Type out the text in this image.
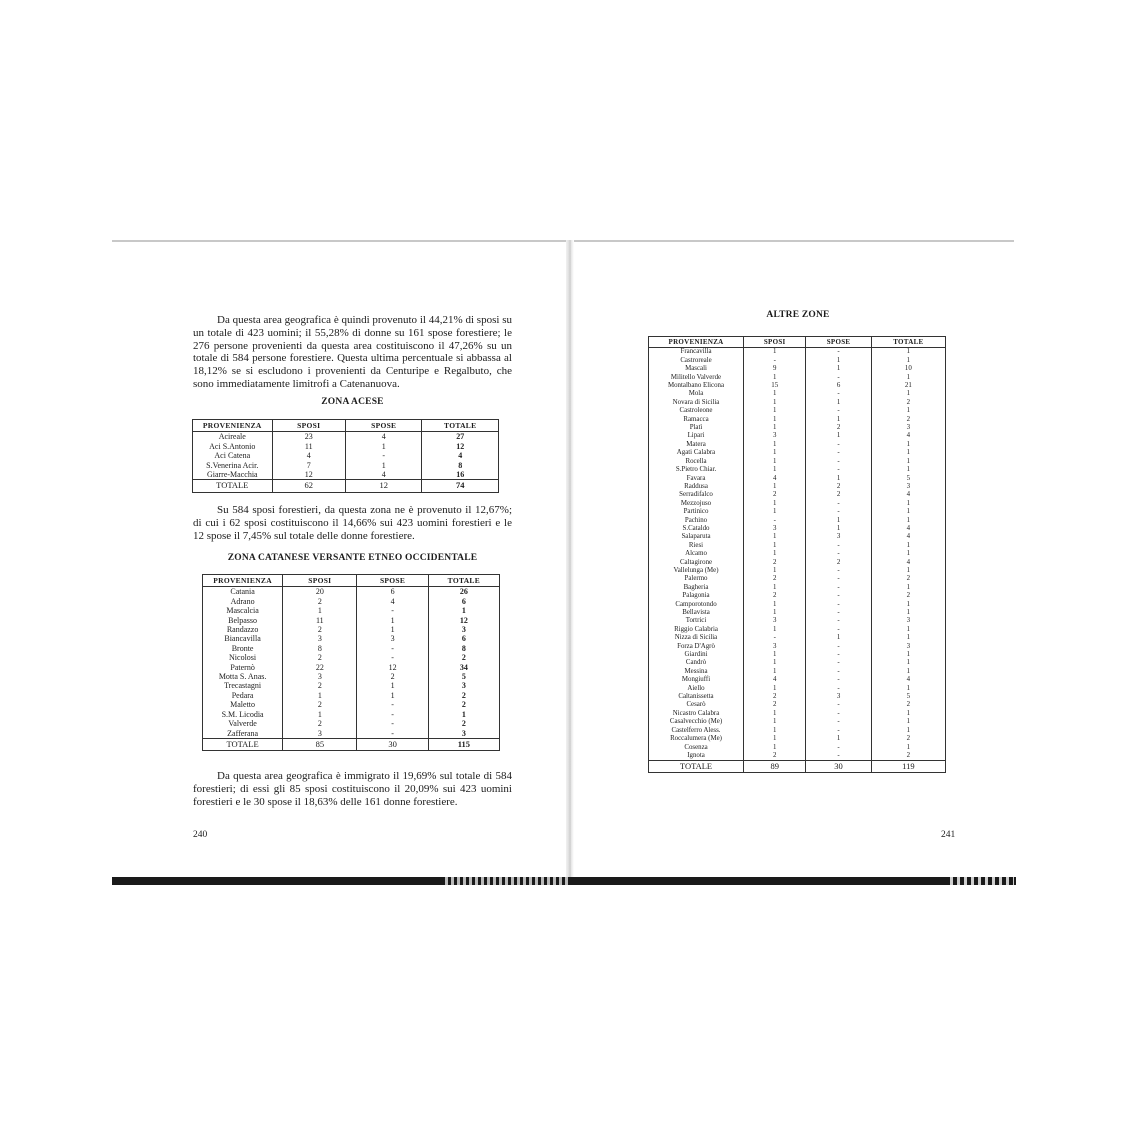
Da questa area geografica è quindi provenuto il 44,21% di sposi su un totale di 423 uomini; il 55,28% di donne su 161 spose forestiere; le 276 persone provenienti da questa area costituiscono il 47,26% su un totale di 584 persone forestiere. Questa ultima percentuale si abbassa al 18,12% se si escludono i provenienti da Centuripe e Regalbuto, che sono immediatamente limitrofi a Catenanuova.

ZONA ACESE

PROVENIENZA	SPOSI	SPOSE	TOTALE
Acireale	23	4	27
Aci S.Antonio	11	1	12
Aci Catena	4	-	4
S.Venerina Acir.	7	1	8
Giarre-Macchia	12	4	16
TOTALE	62	12	74

Su 584 sposi forestieri, da questa zona ne è provenuto il 12,67%; di cui i 62 sposi costituiscono il 14,66% sui 423 uomini forestieri e le 12 spose il 7,45% sul totale delle donne forestiere.

ZONA CATANESE VERSANTE ETNEO OCCIDENTALE

PROVENIENZA	SPOSI	SPOSE	TOTALE
Catania	20	6	26
Adrano	2	4	6
Mascalcia	1	-	1
Belpasso	11	1	12
Randazzo	2	1	3
Biancavilla	3	3	6
Bronte	8	-	8
Nicolosi	2	-	2
Paternò	22	12	34
Motta S. Anas.	3	2	5
Trecastagni	2	1	3
Pedara	1	1	2
Maletto	2	-	2
S.M. Licodia	1	-	1
Valverde	2	-	2
Zafferana	3	-	3
TOTALE	85	30	115

Da questa area geografica è immigrato il 19,69% sul totale di 584 forestieri; di essi gli 85 sposi costituiscono il 20,09% sui 423 uomini forestieri e le 30 spose il 18,63% delle 161 donne forestiere.

240

ALTRE ZONE

PROVENIENZA	SPOSI	SPOSE	TOTALE
Francavilla	1	-	1
Castroreale	-	1	1
Mascali	9	1	10
Militello Valverde	1	-	1
Montalbano Elicona	15	6	21
Mola	1	-	1
Novara di Sicilia	1	1	2
Castroleone	1	-	1
Ramacca	1	1	2
Platì	1	2	3
Lipari	3	1	4
Matera	1	-	1
Agati Calabra	1	-	1
Rocella	1	-	1
S.Pietro Chiar.	1	-	1
Favara	4	1	5
Raddusa	1	2	3
Serradifalco	2	2	4
Mezzojuso	1	-	1
Partinico	1	-	1
Pachino	-	1	1
S.Cataldo	3	1	4
Salaparuta	1	3	4
Riesi	1	-	1
Alcamo	1	-	1
Caltagirone	2	2	4
Vallelunga (Me)	1	-	1
Palermo	2	-	2
Bagheria	1	-	1
Palagonia	2	-	2
Camporotondo	1	-	1
Bellavista	1	-	1
Tortrici	3	-	3
Riggio Calabria	1	-	1
Nizza di Sicilia	-	1	1
Forza D'Agrò	3	-	3
Giardini	1	-	1
Candrò	1	-	1
Messina	1	-	1
Mongiuffi	4	-	4
Aiello	1	-	1
Caltanissetta	2	3	5
Cesarò	2	-	2
Nicastro Calabra	1	-	1
Casalvecchio (Me)	1	-	1
Castelferro Aless.	1	-	1
Roccalumera (Me)	1	1	2
Cosenza	1	-	1
Ignota	2	-	2
TOTALE	89	30	119
241
